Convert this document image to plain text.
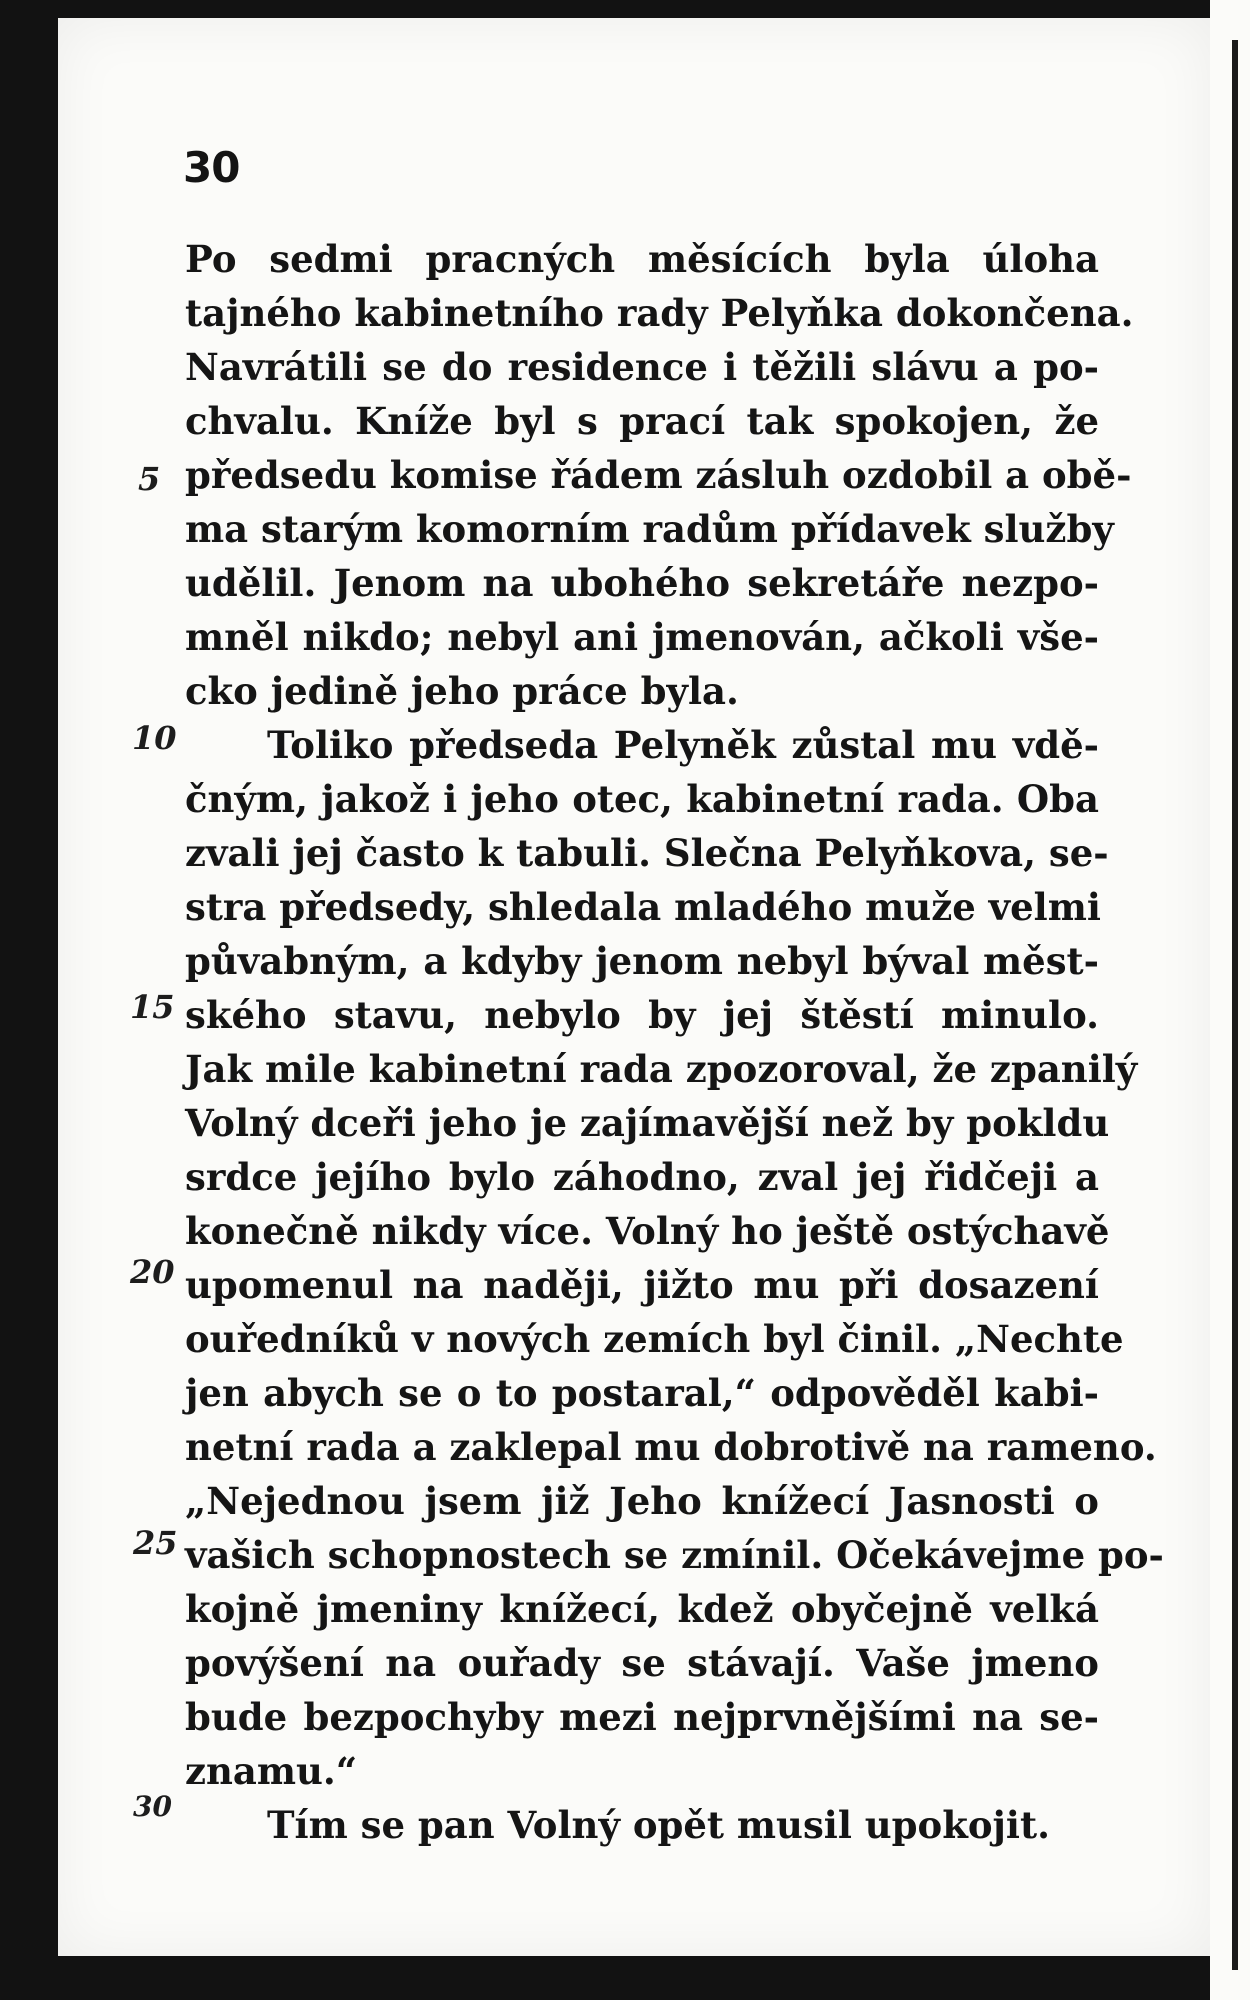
30
Po sedmi pracných měsících byla úloha
tajného kabinetního rady Pelyňka dokončena.
Navrátili se do residence i těžili slávu a po-
chvalu. Kníže byl s prací tak spokojen, že
předsedu komise řádem zásluh ozdobil a obě-
ma starým komorním radům přídavek služby
udělil. Jenom na ubohého sekretáře nezpo-
mněl nikdo; nebyl ani jmenován, ačkoli vše-
cko jedině jeho práce byla.
Toliko předseda Pelyněk zůstal mu vdě-
čným, jakož i jeho otec, kabinetní rada. Oba
zvali jej často k tabuli. Slečna Pelyňkova, se-
stra předsedy, shledala mladého muže velmi
půvabným, a kdyby jenom nebyl býval měst-
ského stavu, nebylo by jej štěstí minulo.
Jak mile kabinetní rada zpozoroval, že zpanilý
Volný dceři jeho je zajímavější než by pokldu
srdce jejího bylo záhodno, zval jej řidčeji a
konečně nikdy více. Volný ho ještě ostýchavě
upomenul na naději, jižto mu při dosazení
ouředníků v nových zemích byl činil. „Nechte
jen abych se o to postaral,“ odpověděl kabi-
netní rada a zaklepal mu dobrotivě na rameno.
„Nejednou jsem již Jeho knížecí Jasnosti o
vašich schopnostech se zmínil. Očekávejme po-
kojně jmeniny knížecí, kdež obyčejně velká
povýšení na ouřady se stávají. Vaše jmeno
bude bezpochyby mezi nejprvnějšími na se-
znamu.“
Tím se pan Volný opět musil upokojit.
5
10
15
20
25
30
